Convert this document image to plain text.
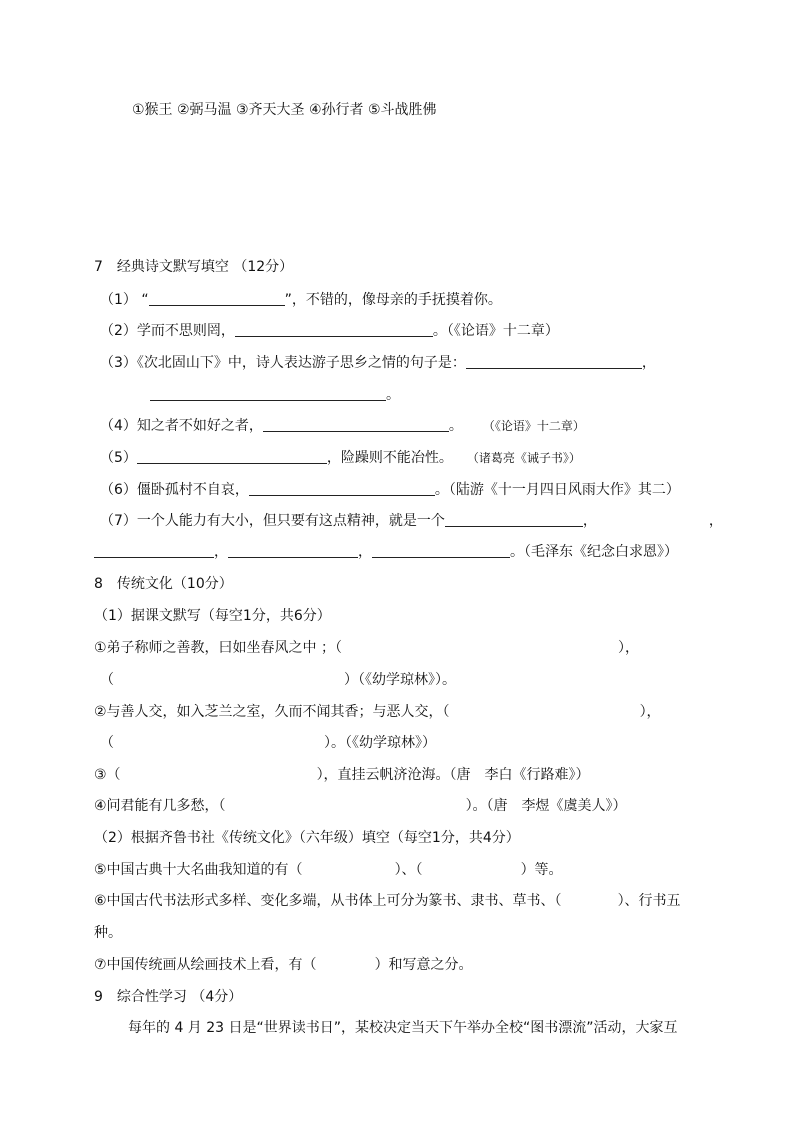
①猴王 ②弼马温 ③齐天大圣 ④孙行者 ⑤斗战胜佛
7　经典诗文默写填空 （12分）
（1） “	”，不错的，像母亲的手抚摸着你。
（2）学而不思则罔，	。（《论语》十二章）
（3）《次北固山下》中，诗人表达游子思乡之情的句子是：	，
。
（4）知之者不如好之者，	。 （《论语》十二章）
（5）	，险躁则不能冶性。 （诸葛亮《诫子书》）
（6）僵卧孤村不自哀，	。（陆游《十一月四日风雨大作》其二）
（7）一个人能力有大小，但只要有这点精神，就是一个	，	，
，	，	。（毛泽东《纪念白求恩》）
8　传统文化（10分）
（1）据课文默写（每空1分，共6分）
①弟子称师之善教，曰如坐春风之中 ；（	），
（	）（《幼学琼林》）。
②与善人交，如入芝兰之室，久而不闻其香；与恶人交，（	），
（	）。（《幼学琼林》）
③（	），直挂云帆济沧海。（唐　李白《行路难》）
④问君能有几多愁，（	）。（唐　李煜《虞美人》）
（2）根据齐鲁书社《传统文化》（六年级）填空（每空1分，共4分）
⑤中国古典十大名曲我知道的有（	）、（	）等。
⑥中国古代书法形式多样、变化多端，从书体上可分为篆书、隶书、草书、（	）、行书五
种。
⑦中国传统画从绘画技术上看，有（	）和写意之分。
9　综合性学习 （4分）
每年的 4 月 23 日是“世界读书日”，某校决定当天下午举办全校“图书漂流”活动，大家互
